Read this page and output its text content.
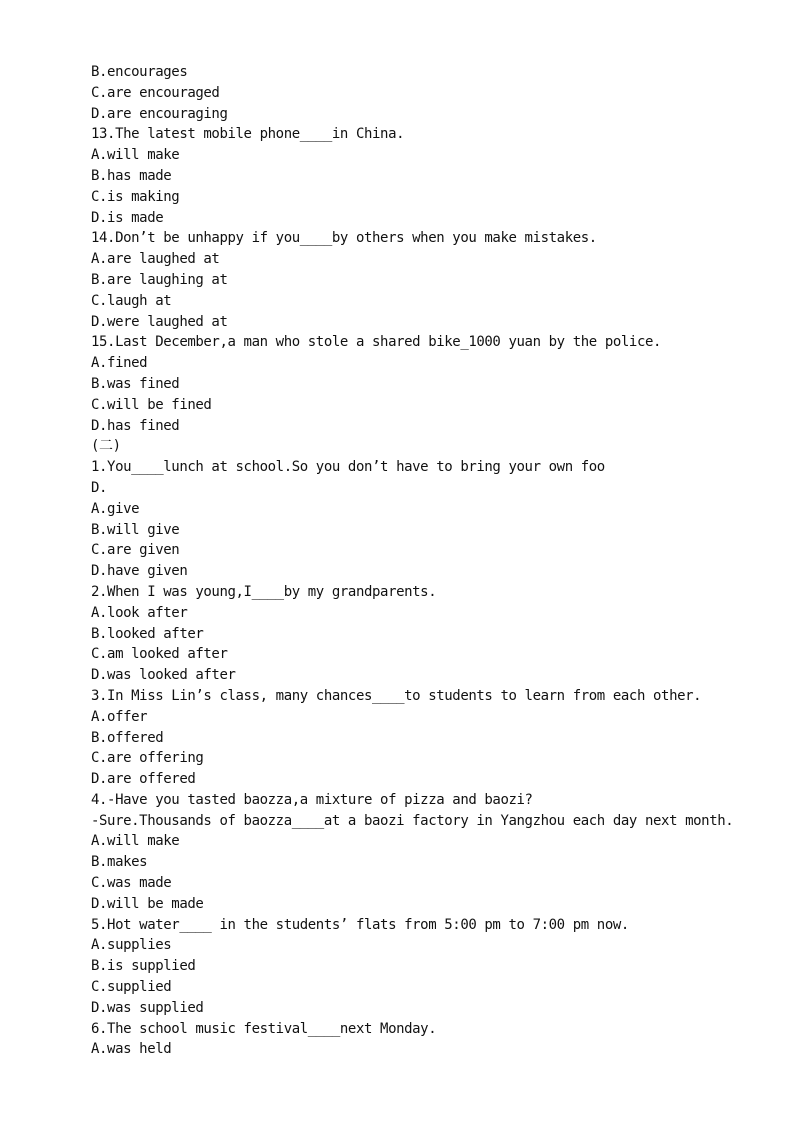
B.encourages
C.are encouraged
D.are encouraging
13.The latest mobile phone____in China.
A.will make
B.has made
C.is making
D.is made
14.Don’t be unhappy if you____by others when you make mistakes.
A.are laughed at
B.are laughing at
C.laugh at
D.were laughed at
15.Last December,a man who stole a shared bike_1000 yuan by the police.
A.fined
B.was fined
C.will be fined
D.has fined
(二)
1.You____lunch at school.So you don’t have to bring your own foo
D.
A.give
B.will give
C.are given
D.have given
2.When I was young,I____by my grandparents.
A.look after
B.looked after
C.am looked after
D.was looked after
3.In Miss Lin’s class, many chances____to students to learn from each other.
A.offer
B.offered
C.are offering
D.are offered
4.-Have you tasted baozza,a mixture of pizza and baozi?
-Sure.Thousands of baozza____at a baozi factory in Yangzhou each day next month.
A.will make
B.makes
C.was made
D.will be made
5.Hot water____ in the students’ flats from 5:00 pm to 7:00 pm now.
A.supplies
B.is supplied
C.supplied
D.was supplied
6.The school music festival____next Monday.
A.was held
